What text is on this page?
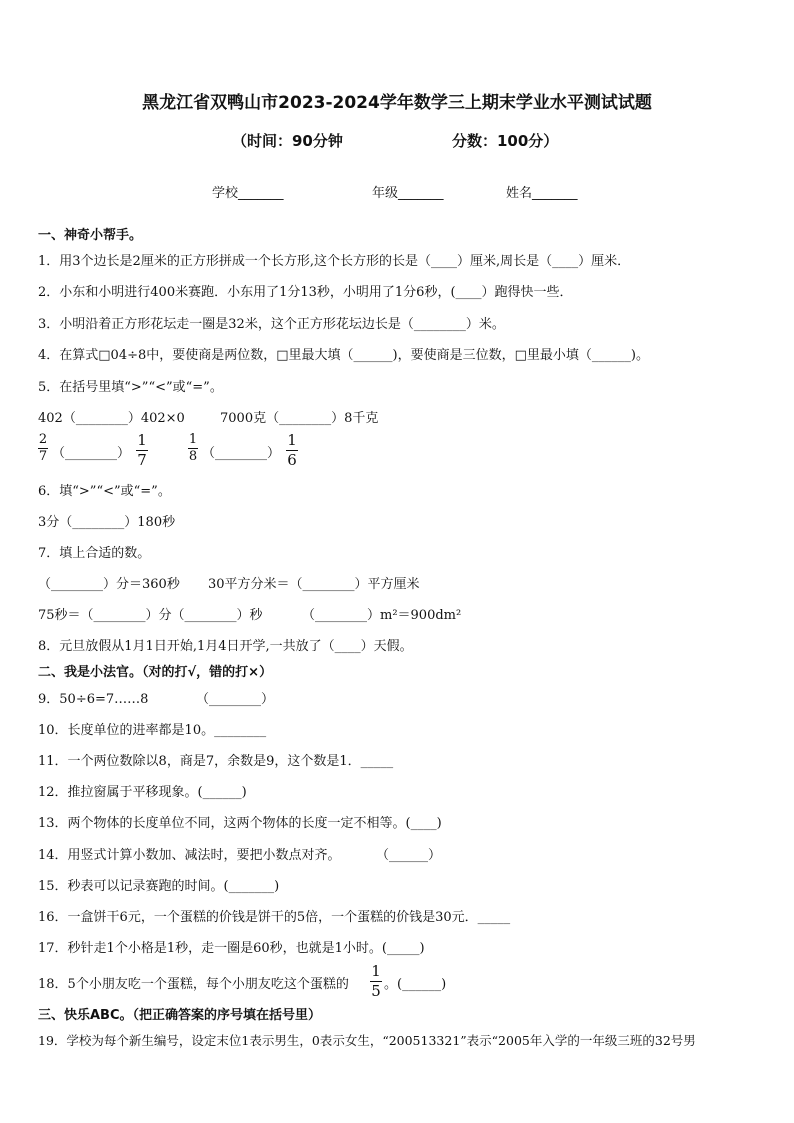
黑龙江省双鸭山市2023-2024学年数学三上期末学业水平测试试题
（时间：90分钟	分数：100分）
学校_______	年级_______	姓名_______
一、神奇小帮手。
1．用3个边长是2厘米的正方形拼成一个长方形,这个长方形的长是（____）厘米,周长是（____）厘米．
2．小东和小明进行400米赛跑．小东用了1分13秒，小明用了1分6秒，(____）跑得快一些．
3．小明沿着正方形花坛走一圈是32米，这个正方形花坛边长是（________）米。
4．在算式□04÷8中，要使商是两位数，□里最大填（______)，要使商是三位数，□里最小填（______)。
5．在括号里填“>”“<”或“=”。
402（________）402×0	7000克（________）8千克
2
7 （________）
1
7
1
8 （________）
1
6
6．填“>”“<”或“=”。
3分（________）180秒
7．填上合适的数。
（________）分＝360秒 30平方分米＝（________）平方厘米
75秒＝（________）分（________）秒	（________）m²＝900dm²
8．元旦放假从1月1日开始,1月4日开学,一共放了（____）天假。
二、我是小法官。（对的打√，错的打×）
9．50÷6=7……8	（________）
10．长度单位的进率都是10。________
11．一个两位数除以8，商是7，余数是9，这个数是1．_____
12．推拉窗属于平移现象。(______)
13．两个物体的长度单位不同，这两个物体的长度一定不相等。(____)
14．用竖式计算小数加、减法时，要把小数点对齐。	（______）
15．秒表可以记录赛跑的时间。(_______)
16．一盒饼干6元，一个蛋糕的价钱是饼干的5倍，一个蛋糕的价钱是30元．_____
17．秒针走1个小格是1秒，走一圈是60秒，也就是1小时。(_____)
18．5个小朋友吃一个蛋糕，每个小朋友吃这个蛋糕的
1
5 。(______)
三、快乐ABC。（把正确答案的序号填在括号里）
19．学校为每个新生编号，设定末位1表示男生，0表示女生，“200513321”表示“2005年入学的一年级三班的32号男
